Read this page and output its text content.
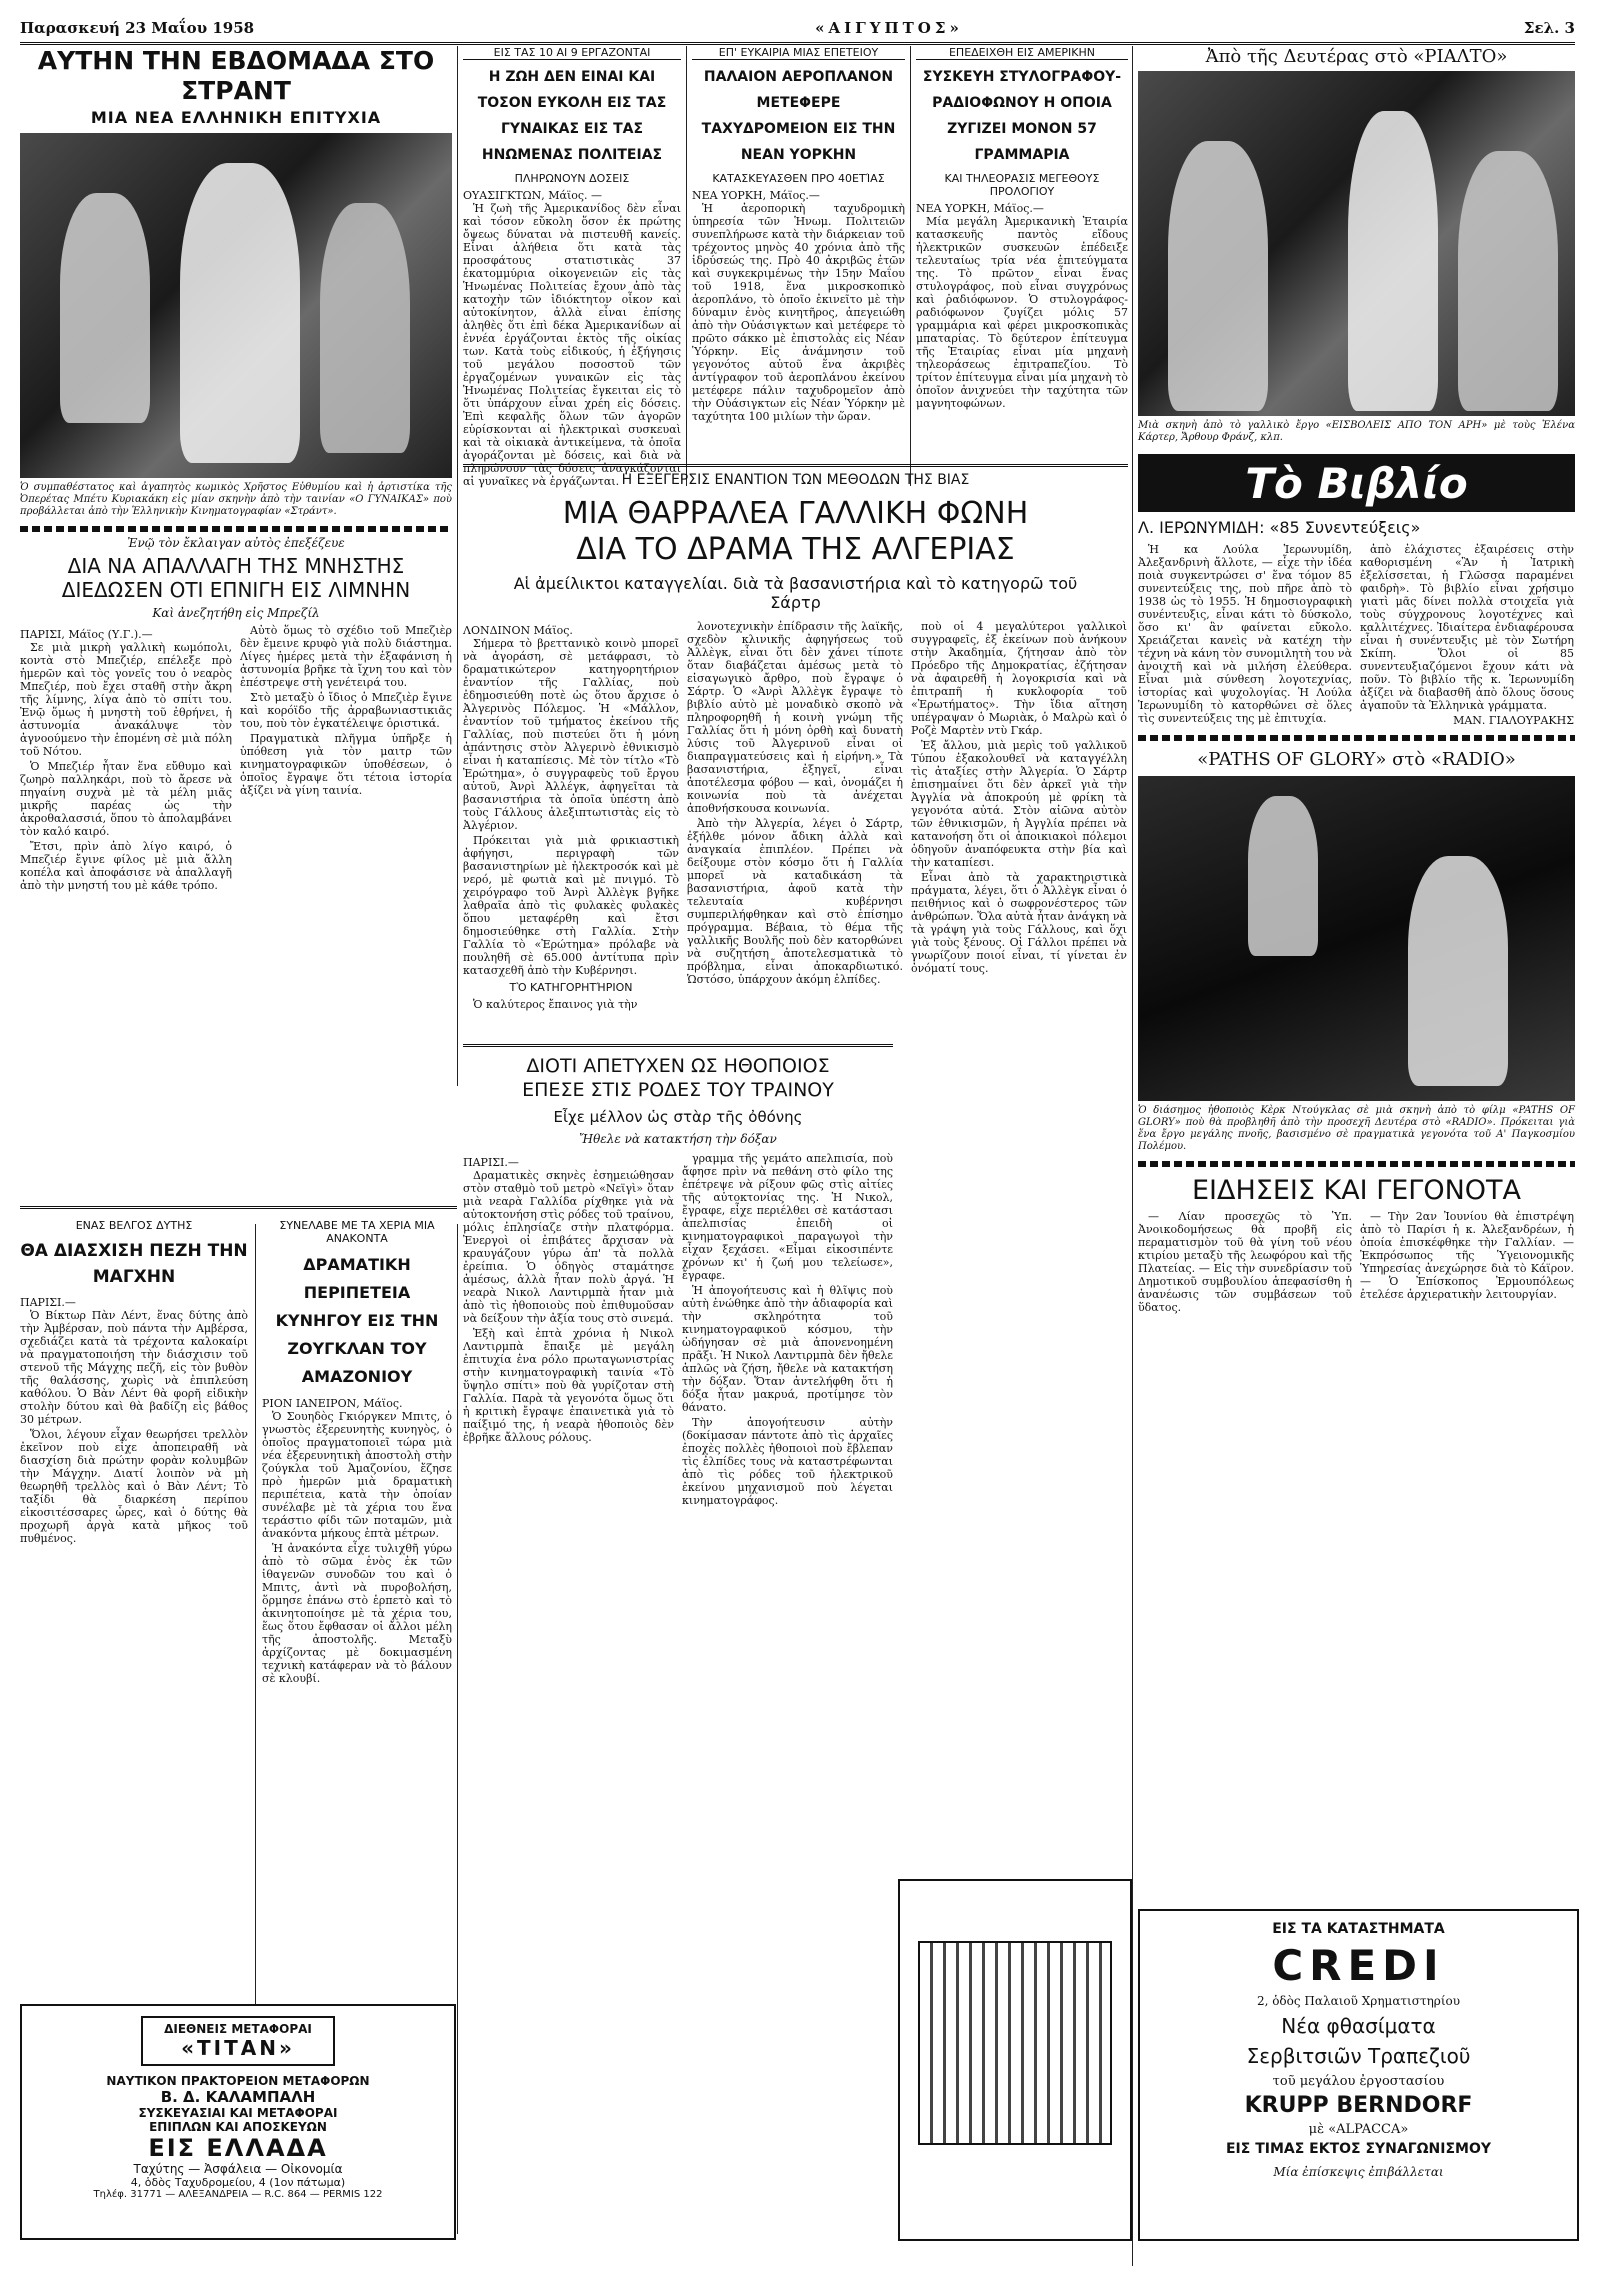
Παρασκευή 23 Μαΐου 1958	«ΑΙΓΥΠΤΟΣ»	Σελ. 3
ΑΥΤΗΝ ΤΗΝ ΕΒΔΟΜΑΔΑ ΣΤΟ ΣΤΡΑΝΤ
ΜΙΑ ΝΕΑ ΕΛΛΗΝΙΚΗ ΕΠΙΤΥΧΙΑ
Ὁ συμπαθέστατος καὶ ἀγαπητὸς κωμικὸς Χρῆστος Εὐθυμίου καὶ ἡ ἀρτιστίκα τῆς Ὀπερέτας Μπέτυ Κυριακάκη εἰς μίαν σκηνὴν ἀπὸ τὴν ταινίαν «Ο ΓΥΝΑΙΚΑΣ» ποὺ προβάλλεται ἀπὸ τὴν Ἑλληνικὴν Κινηματογραφίαν «Στράντ».
Ἐνῷ τὸν ἔκλαιγαν αὐτὸς ἐπεξέζευε
ΔΙΑ ΝΑ ΑΠΑΛΛΑΓΗ ΤΗΣ ΜΝΗΣΤΗΣ ΔΙΕΔΩΣΕΝ ΟΤΙ ΕΠΝΙΓΗ ΕΙΣ ΛΙΜΝΗΝ
Καὶ ἀνεζητήθη εἰς Μπρεζίλ
ΠΑΡΙΣΙ, Μάϊος (Υ.Γ.).—

Σε μιὰ μικρὴ γαλλικὴ κωμόπολι, κοντὰ στὸ Μπεζιέρ, επέλεξε πρὸ ἡμερῶν καὶ τὸς γονεῖς του ὁ νεαρὸς Μπεζιέρ, ποὺ ἔχει σταθῆ στὴν ἄκρη τῆς λίμνης, λίγα ἀπὸ τὸ σπίτι του. Ἐνῷ ὅμως ἡ μνηστὴ τοῦ ἐθρήνει, ἡ ἀστυνομία ἀνακάλυψε τὸν ἀγνοούμενο τὴν ἑπομένη σὲ μιὰ πόλη τοῦ Νότου.

Ὁ Μπεζιέρ ἦταν ἕνα εὔθυμο καὶ ζωηρὸ παλληκάρι, ποὺ τὸ ἄρεσε νὰ πηγαίνη συχνὰ μὲ τὰ μέλη μιᾶς μικρῆς παρέας ὡς τὴν ἀκροθαλασσιά, ὅπου τὸ ἀπολαμβάνει τὸν καλό καιρό.

Ἔτσι, πρὶν ἀπὸ λίγο καιρό, ὁ Μπεζιέρ ἔγινε φίλος μὲ μιὰ ἄλλη κοπέλα καὶ ἀποφάσισε νὰ ἀπαλλαγῆ ἀπὸ τὴν μνηστή του μὲ κάθε τρόπο.

Αὐτὸ ὅμως τὸ σχέδιο τοῦ Μπεζιὲρ δὲν ἔμεινε κρυφὸ γιὰ πολὺ διάστημα. Λίγες ἡμέρες μετὰ τὴν ἐξαφάνιση ἡ ἀστυνομία βρῆκε τὰ ἴχνη του καὶ τὸν ἐπέστρεψε στὴ γενέτειρά του.

Στὸ μεταξὺ ὁ ἴδιος ὁ Μπεζιὲρ ἔγινε καὶ κορόϊδο τῆς ἀρραβωνιαστικιᾶς του, ποὺ τὸν ἐγκατέλειψε ὁριστικά.

Πραγματικὰ πλῆγμα ὑπῆρξε ἡ ὑπόθεση γιὰ τὸν μαιτρ τῶν κινηματογραφικῶν ὑποθέσεων, ὁ ὁποῖος ἔγραψε ὅτι τέτοια ἱστορία ἀξίζει νὰ γίνη ταινία.

ΕΝΑΣ ΒΕΛΓΟΣ ΔΥΤΗΣ
ΘΑ ΔΙΑΣΧΙΣΗ ΠΕΖΗ ΤΗΝ ΜΑΓΧΗΝ
ΠΑΡΙΣΙ.—

Ὁ Βίκτωρ Πὰν Λέντ, ἕνας δύτης ἀπὸ τὴν Ἀμβέρσαν, ποὺ πάντα τὴν Αμβέρσα, σχεδιάζει κατὰ τὰ τρέχοντα καλοκαίρι νὰ πραγματοποιήση τὴν διάσχισιν τοῦ στενοῦ τῆς Μάγχης πεζῆ, εἰς τὸν βυθὸν τῆς θαλάσσης, χωρὶς νὰ ἐπιπλεύση καθόλου. Ὁ Βὰν Λέντ θὰ φορῆ εἰδικὴν στολὴν δύτου καὶ θὰ βαδίζη εἰς βάθος 30 μέτρων.

Ὅλοι, λέγουν εἶχαν θεωρήσει τρελλὸν ἐκεῖνον ποὺ εἶχε ἀποπειραθῆ νὰ διασχίση διὰ πρώτην φορὰν κολυμβῶν τὴν Μάγχην. Διατί λοιπὸν νὰ μὴ θεωρηθῆ τρελλὸς καὶ ὁ Βὰν Λέντ; Τὸ ταξίδι θὰ διαρκέση περίπου εἰκοσιτέσσαρες ὧρες, καὶ ὁ δύτης θὰ προχωρῆ ἀργὰ κατὰ μῆκος τοῦ πυθμένος.

ΣΥΝΕΛΑΒΕ ΜΕ ΤΑ ΧΕΡΙΑ ΜΙΑ ΑΝΑΚΟΝΤΑ
ΔΡΑΜΑΤΙΚΗ ΠΕΡΙΠΕΤΕΙΑ ΚΥΝΗΓΟΥ ΕΙΣ ΤΗΝ ΖΟΥΓΚΛΑΝ ΤΟΥ ΑΜΑΖΟΝΙΟΥ
ΡΙΟΝ ΙΑΝΕΙΡΟΝ, Μάϊος.

Ὁ Σουηδὸς Γκιόργκεν Μπιτς, ὁ γνωστὸς ἐξερευνητὴς κυνηγὸς, ὁ ὁποῖος πραγματοποιεῖ τώρα μιὰ νέα ἐξερευνητικὴ ἀποστολὴ στὴν ζούγκλα τοῦ Ἀμαζονίου, ἔζησε πρὸ ἡμερῶν μιὰ δραματικὴ περιπέτεια, κατὰ τὴν ὁποίαν συνέλαβε μὲ τὰ χέρια του ἕνα τεράστιο φίδι τῶν ποταμῶν, μιὰ ἀνακόντα μήκους ἑπτὰ μέτρων.

Ἡ ἀνακόντα εἶχε τυλιχθῆ γύρω ἀπὸ τὸ σῶμα ἑνὸς ἐκ τῶν ἰθαγενῶν συνοδῶν του καὶ ὁ Μπιτς, ἀντὶ νὰ πυροβολήση, ὅρμησε ἐπάνω στὸ ἑρπετὸ καὶ τὸ ἀκινητοποίησε μὲ τὰ χέρια του, ἕως ὅτου ἔφθασαν οἱ ἄλλοι μέλη τῆς ἀποστολῆς. Μεταξὺ ἀρχίζοντας μὲ δοκιμασμένη τεχνικὴ κατάφεραν νὰ τὸ βάλουν σὲ κλουβί.

ΔΙΕΘΝΕΙΣ ΜΕΤΑΦΟΡΑΙ
«ΤΙΤΑΝ»
ΝΑΥΤΙΚΟΝ ΠΡΑΚΤΟΡΕΙΟΝ ΜΕΤΑΦΟΡΩΝ
Β. Δ. ΚΑΛΑΜΠΑΛΗ
ΣΥΣΚΕΥΑΣΙΑΙ ΚΑΙ ΜΕΤΑΦΟΡΑΙ
ΕΠΙΠΛΩΝ ΚΑΙ ΑΠΟΣΚΕΥΩΝ
ΕΙΣ ΕΛΛΑΔΑ
Ταχύτης — Ἀσφάλεια — Οἰκονομία
4, ὁδὸς Ταχυδρομείου, 4 (1ον πάτωμα)
Τηλέφ. 31771 — ΑΛΕΞΑΝΔΡΕΙΑ — R.C. 864 — PERMIS 122
ΕΙΣ ΤΑΣ 10 ΑΙ 9 ΕΡΓΑΖΟΝΤΑΙ
Η ΖΩΗ ΔΕΝ ΕΙΝΑΙ ΚΑΙ ΤΟΣΟΝ ΕΥΚΟΛΗ ΕΙΣ ΤΑΣ ΓΥΝΑΙΚΑΣ ΕΙΣ ΤΑΣ ΗΝΩΜΕΝΑΣ ΠΟΛΙΤΕΙΑΣ
ΠΛΗΡΩΝΟΥΝ ΔΟΣΕΙΣ
ΟΥΑΣΙΓΚΤΩΝ, Μάϊος. —

Ἡ ζωὴ τῆς Ἀμερικανίδος δὲν εἶναι καὶ τόσον εὔκολη ὅσον ἐκ πρώτης ὄψεως δύναται νὰ πιστευθῆ κανείς. Εἶναι ἀλήθεια ὅτι κατὰ τὰς προσφάτους στατιστικὰς 37 ἑκατομμύρια οἰκογενειῶν εἰς τὰς Ἡνωμένας Πολιτείας ἔχουν ἀπὸ τὰς κατοχὴν τῶν ἰδιόκτητον οἶκον καὶ αὐτοκίνητον, ἀλλὰ εἶναι ἐπίσης ἀληθὲς ὅτι ἐπὶ δέκα Ἀμερικανίδων αἱ ἐννέα ἐργάζονται ἐκτὸς τῆς οἰκίας των. Κατὰ τοὺς εἰδικούς, ἡ ἐξήγησις τοῦ μεγάλου ποσοστοῦ τῶν ἐργαζομένων γυναικῶν εἰς τὰς Ἡνωμένας Πολιτείας ἔγκειται εἰς τὸ ὅτι ὑπάρχουν εἶναι χρέη εἰς δόσεις. Ἐπὶ κεφαλῆς ὅλων τῶν ἀγορῶν εὑρίσκονται αἱ ἠλεκτρικαὶ συσκευαὶ καὶ τὰ οἰκιακὰ ἀντικείμενα, τὰ ὁποῖα ἀγοράζονται μὲ δόσεις, καὶ διὰ νὰ πληρώνουν τὰς δόσεις ἀναγκάζονται αἱ γυναῖκες νὰ ἐργάζωνται.

ΕΠ' ΕΥΚΑΙΡΙΑ ΜΙΑΣ ΕΠΕΤΕΙΟΥ
ΠΑΛΑΙΟΝ ΑΕΡΟΠΛΑΝΟΝ ΜΕΤΕΦΕΡΕ ΤΑΧΥΔΡΟΜΕΙΟΝ ΕΙΣ ΤΗΝ ΝΕΑΝ ΥΟΡΚΗΝ
ΚΑΤΑΣΚΕΥΑΣΘΕΝ ΠΡΟ 40ΕΤΊΑΣ
ΝΕΑ ΥΟΡΚΗ, Μάϊος.—

Ἡ ἀεροπορικὴ ταχυδρομικὴ ὑπηρεσία τῶν Ἡνωμ. Πολιτειῶν συνεπλήρωσε κατὰ τὴν διάρκειαν τοῦ τρέχοντος μηνὸς 40 χρόνια ἀπὸ τῆς ἱδρύσεώς της. Πρὸ 40 ἀκριβῶς ἐτῶν καὶ συγκεκριμένως τὴν 15ην Μαΐου τοῦ 1918, ἕνα μικροσκοπικὸ ἀεροπλάνο, τὸ ὁποῖο ἐκινεῖτο μὲ τὴν δύναμιν ἑνὸς κινητῆρος, ἀπεγειώθη ἀπὸ τὴν Οὐάσιγκτων καὶ μετέφερε τὸ πρῶτο σάκκο μὲ ἐπιστολὰς εἰς Νέαν Ὑόρκην. Εἰς ἀνάμνησιν τοῦ γεγονότος αὐτοῦ ἕνα ἀκριβὲς ἀντίγραφον τοῦ ἀεροπλάνου ἐκείνου μετέφερε πάλιν ταχυδρομεῖον ἀπὸ τὴν Οὐάσιγκτων εἰς Νέαν Ὑόρκην μὲ ταχύτητα 100 μιλίων τὴν ὥραν.

ΕΠΕΔΕΙΧΘΗ ΕΙΣ ΑΜΕΡΙΚΗΝ
ΣΥΣΚΕΥΗ ΣΤΥΛΟΓΡΑΦΟΥ-ΡΑΔΙΟΦΩΝΟΥ Η ΟΠΟΙΑ ΖΥΓΙΖΕΙ ΜΟΝΟΝ 57 ΓΡΑΜΜΑΡΙΑ
ΚΑΙ ΤΗΛΕΟΡΑΣΙΣ ΜΕΓΕΘΟΥΣ ΠΡΟΛΟΓΙΟΥ
ΝΕΑ ΥΟΡΚΗ, Μάϊος.—

Μία μεγάλη Ἀμερικανικὴ Ἑταιρία κατασκευῆς παντὸς εἴδους ἠλεκτρικῶν συσκευῶν ἐπέδειξε τελευταίως τρία νέα ἐπιτεύγματα της. Τὸ πρῶτον εἶναι ἕνας στυλογράφος, ποὺ εἶναι συγχρόνως καὶ ῥαδιόφωνον. Ὁ στυλογράφος-ραδιόφωνον ζυγίζει μόλις 57 γραμμάρια καὶ φέρει μικροσκοπικὰς μπαταρίας. Τὸ δεύτερον ἐπίτευγμα τῆς Ἑταιρίας εἶναι μία μηχανὴ τηλεοράσεως ἐπιτραπεζίου. Τὸ τρίτον ἐπίτευγμα εἶναι μία μηχανὴ τὸ ὁποῖον ἀνιχνεύει τὴν ταχύτητα τῶν μαγνητοφώνων.

Η ΕΞΕΓΕΡΣΙΣ ΕΝΑΝΤΙΟΝ ΤΩΝ ΜΕΘΟΔΩΝ ΤΗΣ ΒΙΑΣ
ΜΙΑ ΘΑΡΡΑΛΕΑ ΓΑΛΛΙΚΗ ΦΩΝΗ
ΔΙΑ ΤΟ ΔΡΑΜΑ ΤΗΣ ΑΛΓΕΡΙΑΣ
Αἱ ἀμείλικτοι καταγγελίαι. διὰ τὰ βασανιστήρια καὶ τὸ κατηγορῶ τοῦ Σάρτρ
ΛΟΝΔΙΝΟΝ Μάϊος.

Σήμερα τὸ βρεττανικὸ κοινὸ μπορεῖ νὰ ἀγοράση, σὲ μετάφρασι, τὸ δραματικώτερον κατηγορητήριον ἐναντίον τῆς Γαλλίας, ποὺ ἐδημοσιεύθη ποτὲ ὡς ὅτου ἄρχισε ὁ Ἀλγερινὸς Πόλεμος. Ἡ «Μάλλον, ἐναντίον τοῦ τμήματος ἐκείνου τῆς Γαλλίας, ποὺ πιστεύει ὅτι ἡ μόνη ἀπάντησις στὸν Ἀλγερινὸ ἐθνικισμὸ εἶναι ἡ καταπίεσις. Μὲ τὸν τίτλο «Τὸ Ἐρώτημα», ὁ συγγραφεὺς τοῦ ἔργου αὐτοῦ, Ἀνρὶ Ἀλλέγκ, ἀφηγεῖται τὰ βασανιστήρια τὰ ὁποῖα ὑπέστη ἀπὸ τοὺς Γάλλους ἀλεξιπτωτιστὰς εἰς τὸ Ἀλγέριον.

Πρόκειται γιὰ μιὰ φρικιαστικὴ ἀφήγησι, περιγραφὴ τῶν βασανιστηρίων μὲ ἠλεκτροσόκ καὶ μὲ νερό, μὲ φωτιὰ καὶ μὲ πνιγμό. Τὸ χειρόγραφο τοῦ Ἀνρὶ Ἀλλὲγκ βγῆκε λαθραῖα ἀπὸ τὶς φυλακὲς φυλακὲς ὅπου μεταφέρθη καὶ ἔτσι δημοσιεύθηκε στὴ Γαλλία. Στὴν Γαλλία τὸ «Ἐρώτημα» πρόλαβε νὰ πουληθῆ σὲ 65.000 ἀντίτυπα πρὶν κατασχεθῆ ἀπὸ τὴν Κυβέρνησι.

ΤῸ ΚΑΤΗΓΟΡΗΤΉΡΙΟΝ

Ὁ καλύτερος ἔπαινος γιὰ τὴν

λονοτεχνικὴν ἐπίδρασιν τῆς λαϊκῆς, σχεδὸν κλινικῆς ἀφηγήσεως τοῦ Ἀλλὲγκ, εἶναι ὅτι δὲν χάνει τίποτε ὅταν διαβάζεται ἀμέσως μετὰ τὸ εἰσαγωγικὸ ἄρθρο, ποὺ ἔγραψε ὁ Σάρτρ. Ὁ «Ἀνρὶ Ἀλλὲγκ ἔγραψε τὸ βιβλίο αὐτὸ μὲ μοναδικὸ σκοπὸ νὰ πληροφορηθῆ ἡ κοινὴ γνώμη τῆς Γαλλίας ὅτι ἡ μόνη ὁρθὴ καὶ δυνατὴ λύσις τοῦ Ἀλγερινοῦ εἶναι οἱ διαπραγματεύσεις καὶ ἡ εἰρήνη.» Τὰ βασανιστήρια, ἐξηγεῖ, εἶναι ἀποτέλεσμα φόβου — καὶ, ὀνομάζει ἡ κοινωνία ποὺ τὰ ἀνέχεται ἀποθνήσκουσα κοινωνία.

Ἀπὸ τὴν Ἀλγερία, λέγει ὁ Σάρτρ, ἐξήλθε μόνον ἄδικη ἀλλὰ καὶ ἀναγκαία ἐπιπλέον. Πρέπει νὰ δείξουμε στὸν κόσμο ὅτι ἡ Γαλλία μπορεῖ νὰ καταδικάση τὰ βασανιστήρια, ἀφοῦ κατὰ τὴν τελευταία κυβέρνησι συμπεριλήφθηκαν καὶ στὸ ἐπίσημο πρόγραμμα. Βέβαια, τὸ θέμα τῆς γαλλικῆς Βουλῆς ποὺ δὲν κατορθώνει νὰ συζητήση ἀποτελεσματικὰ τὸ πρόβλημα, εἶναι ἀποκαρδιωτικό. Ὡστόσο, ὑπάρχουν ἀκόμη ἐλπίδες.

ποὺ οἱ 4 μεγαλύτεροι γαλλικοὶ συγγραφεῖς, ἐξ ἐκείνων ποὺ ἀνήκουν στὴν Ἀκαδημία, ζήτησαν ἀπὸ τὸν Πρόεδρο τῆς Δημοκρατίας, ἐζήτησαν νὰ ἀφαιρεθῆ ἡ λογοκρισία καὶ νὰ ἐπιτραπῆ ἡ κυκλοφορία τοῦ «Ἐρωτήματος». Τὴν ἴδια αἴτηση υπέγραψαν ὁ Μωριὰκ, ὁ Μαλρὼ καὶ ὁ Ροζὲ Μαρτὲν ντὺ Γκάρ.

Ἐξ ἄλλου, μιὰ μερὶς τοῦ γαλλικοῦ Τύπου ἐξακολουθεῖ νὰ καταγγέλλη τὶς ἀταξίες στὴν Ἀλγερία. Ὁ Σάρτρ ἐπισημαίνει ὅτι δὲν ἀρκεῖ γιὰ τὴν Ἀγγλία νὰ ἀποκρούη μὲ φρίκη τὰ γεγονότα αὐτά. Στὸν αἰῶνα αὐτὸν τῶν ἐθνικισμῶν, ἡ Ἀγγλία πρέπει νὰ κατανοήση ὅτι οἱ ἀποικιακοὶ πόλεμοι ὁδηγοῦν ἀναπόφευκτα στὴν βία καὶ τὴν καταπίεσι.

Εἶναι ἀπὸ τὰ χαρακτηριστικὰ πράγματα, λέγει, ὅτι ὁ Ἀλλὲγκ εἶναι ὁ πειθήνιος καὶ ὁ σωφρονέστερος τῶν ἀνθρώπων. Ὅλα αὐτὰ ἦταν ἀνάγκη νὰ τὰ γράψη γιὰ τοὺς Γάλλους, καὶ ὅχι γιὰ τοὺς ξένους. Οἱ Γάλλοι πρέπει νὰ γνωρίζουν ποιοί εἶναι, τί γίνεται ἐν ὀνόματί τους.

ΔΙΟΤΙ ΑΠΕΤΥΧΕΝ ΩΣ ΗΘΟΠΟΙΟΣ
ΕΠΕΣΕ ΣΤΙΣ ΡΟΔΕΣ ΤΟΥ ΤΡΑΙΝΟΥ
Εἶχε μέλλον ὡς στὰρ τῆς ὀθόνης
Ἤθελε νὰ κατακτήση τὴν δόξαν
ΠΑΡΙΣΙ.—

Δραματικὲς σκηνὲς ἐσημειώθησαν στὸν σταθμὸ τοῦ μετρὸ «Νεϊγὶ» ὅταν μιὰ νεαρὰ Γαλλίδα ρίχθηκε γιὰ νὰ αὐτοκτονήση στὶς ρόδες τοῦ τραίνου, μόλις ἐπλησίαζε στὴν πλατφόρμα. Ἐνεργοὶ οἱ ἐπιβάτες ἄρχισαν νὰ κραυγάζουν γύρω ἀπ' τὰ πολλὰ ἐρείπια. Ὁ ὁδηγὸς σταμάτησε ἀμέσως, ἀλλὰ ἦταν πολὺ ἀργά. Ἡ νεαρὰ Νικολ Λαντιρμπὰ ἦταν μιὰ ἀπὸ τὶς ἠθοποιοὺς ποὺ ἐπιθυμοῦσαν νὰ δείξουν τὴν ἀξία τους στὸ σινεμά.

Ἑξὴ καὶ ἑπτὰ χρόνια ἡ Νικολ Λαντιρμπὰ ἔπαιξε μὲ μεγάλη ἐπιτυχία ἐνα ρόλο πρωταγωνιστρίας στὴν κινηματογραφικὴ ταινία «Τὸ ὕψηλο σπίτι» ποὺ θὰ γυρίζοταν στὴ Γαλλία. Παρὰ τὰ γεγονότα ὅμως ὅτι ἡ κριτικὴ ἔγραψε ἐπαινετικὰ γιὰ τὸ παίξιμό της, ἡ νεαρὰ ἠθοποιὸς δὲν ἐβρῆκε ἄλλους ρόλους.

γραμμα τῆς γεμάτο απελπισία, ποὺ ἄφησε πρὶν νὰ πεθάνη στὸ φίλο της ἐπέτρεψε νὰ ρίξουν φῶς στὶς αἰτίες τῆς αὐτοκτονίας της. Ἡ Νικολ, ἔγραφε, εἶχε περιέλθει σὲ κατάστασι ἀπελπισίας ἐπειδὴ οἱ κινηματογραφικοὶ παραγωγοὶ τὴν εἶχαν ξεχάσει. «Εἶμαι εἰκοσιπέντε χρόνων κι' ἡ ζωή μου τελείωσε», ἔγραφε.

Ἡ ἀπογοήτευσις καὶ ἡ θλῖψις ποὺ αὐτὴ ἐνώθηκε ἀπὸ τὴν ἀδιαφορία καὶ τὴν σκληρότητα τοῦ κινηματογραφικοῦ κόσμου, τὴν ὡδήγησαν σὲ μιὰ ἀπονενοημένη πρᾶξι. Ἡ Νικολ Λαντιρμπὰ δὲν ἤθελε ἁπλῶς νὰ ζήση, ἤθελε νὰ κατακτήση τὴν δόξαν. Ὅταν ἀντελήφθη ὅτι ἡ δόξα ἦταν μακρυά, προτίμησε τὸν θάνατο.

Τὴν ἀπογοήτευσιν αὐτὴν (δοκίμασαν πάντοτε ἀπὸ τὶς ἀρχαῖες ἐποχὲς πολλὲς ἠθοποιοὶ ποὺ ἔβλεπαν τὶς ἐλπίδες τους νὰ καταστρέφωνται ἀπὸ τὶς ρόδες τοῦ ἠλεκτρικοῦ ἐκείνου μηχανισμοῦ ποὺ λέγεται κινηματογράφος.

Ἀπὸ τῆς Δευτέρας στὸ «ΡΙΑΛΤΟ»
Μιὰ σκηνὴ ἀπὸ τὸ γαλλικὸ ἔργο «ΕΙΣΒΟΛΕΙΣ ΑΠΟ ΤΟΝ ΑΡΗ» μὲ τοὺς Ἑλένα Κάρτερ, Ἄρθουρ Φράνζ, κλπ.
Τὸ Βιβλίο
Λ. ΙΕΡΩΝΥΜΙΔΗ: «85 Συνεντεύξεις»

Ἡ κα Λούλα Ἱερωνυμίδη, Ἀλεξανδρινὴ ἄλλοτε, — εἶχε τὴν ἰδέα ποιὰ συγκεντρώσει σ' ἕνα τόμον 85 συνεντεύξεις της, ποὺ πῆρε ἀπὸ τὸ 1938 ὡς τὸ 1955. Ἡ δημοσιογραφικὴ συνέντευξις, εἶναι κάτι τὸ δύσκολο, ὅσο κι' ἂν φαίνεται εὔκολο. Χρειάζεται κανεὶς νὰ κατέχη τὴν τέχνη νὰ κάνη τὸν συνομιλητὴ του νὰ ἀνοιχτῆ καὶ νὰ μιλήση ἐλεύθερα. Εἶναι μιὰ σύνθεση λογοτεχνίας, ἱστορίας καὶ ψυχολογίας. Ἡ Λούλα Ἱερωνυμίδη τὸ κατορθώνει σὲ ὅλες τὶς συνεντεύξεις της μὲ ἐπιτυχία.

ἀπὸ ἐλάχιστες ἐξαιρέσεις στὴν καθορισμένη «Ἂν ἡ Ἰατρικὴ ἐξελίσσεται, ἡ Γλῶσσα παραμένει φαιδρὴ». Τὸ βιβλίο εἶναι χρήσιμο γιατὶ μᾶς δίνει πολλὰ στοιχεῖα γιὰ τοὺς σύγχρονους λογοτέχνες καὶ καλλιτέχνες. Ἰδιαίτερα ἐνδιαφέρουσα εἶναι ἡ συνέντευξις μὲ τὸν Σωτήρη Σκίπη. Ὅλοι οἱ 85 συνεντευξιαζόμενοι ἔχουν κάτι νὰ ποῦν. Τὸ βιβλίο τῆς κ. Ἱερωνυμίδη ἀξίζει νὰ διαβασθῆ ἀπὸ ὅλους ὅσους ἀγαποῦν τὰ Ἑλληνικὰ γράμματα.

ΜΑΝ. ΓΙΑΛΟΥΡΑΚΗΣ
«PATHS OF GLORY» στὸ «RADIO»
Ὁ διάσημος ἠθοποιὸς Κὲρκ Ντούγκλας σὲ μιὰ σκηνὴ ἀπὸ τὸ φίλμ «PATHS OF GLORY» ποὺ θὰ προβληθῆ ἀπὸ τὴν προσεχῆ Δευτέρα στὸ «RADIO». Πρόκειται γιὰ ἕνα ἔργο μεγάλης πνοῆς, βασισμένο σὲ πραγματικὰ γεγονότα τοῦ Α' Παγκοσμίου Πολέμου.
ΕΙΔΗΣΕΙΣ ΚΑΙ ΓΕΓΟΝΟΤΑ

— Λίαν προσεχῶς τὸ Ὑπ. Ἀνοικοδομήσεως θὰ προβῆ εἰς περαματισμὸν τοῦ θὰ γίνη τοῦ νέου κτιρίου μεταξὺ τῆς λεωφόρου καὶ τῆς Πλατείας. — Εἰς τὴν συνεδρίασιν τοῦ Δημοτικοῦ συμβουλίου ἀπεφασίσθη ἡ ἀνανέωσις τῶν συμβάσεων τοῦ ὕδατος.

— Τὴν 2αν Ἰουνίου θὰ ἐπιστρέψη ἀπὸ τὸ Παρίσι ἡ κ. Ἀλεξανδρέων, ἡ ὁποία ἐπισκέφθηκε τὴν Γαλλίαν. — Ἐκπρόσωπος τῆς Ὑγειονομικῆς Ὑπηρεσίας ἀνεχώρησε διὰ τὸ Κάϊρον. — Ὁ Ἐπίσκοπος Ἐρμουπόλεως ἐτελέσε ἀρχιερατικὴν λειτουργίαν.

ΕΙΣ ΤΑ ΚΑΤΑΣΤΗΜΑΤΑ
CREDI
2, ὁδὸς Παλαιοῦ Χρηματιστηρίου
Νέα φθασίματα
Σερβιτσιῶν Τραπεζιοῦ
τοῦ μεγάλου ἐργοστασίου
KRUPP BERNDORF
μὲ «ALPACCA»
ΕΙΣ ΤΙΜΑΣ ΕΚΤΟΣ ΣΥΝΑΓΩΝΙΣΜΟΥ
Μία ἐπίσκεψις ἐπιβάλλεται
